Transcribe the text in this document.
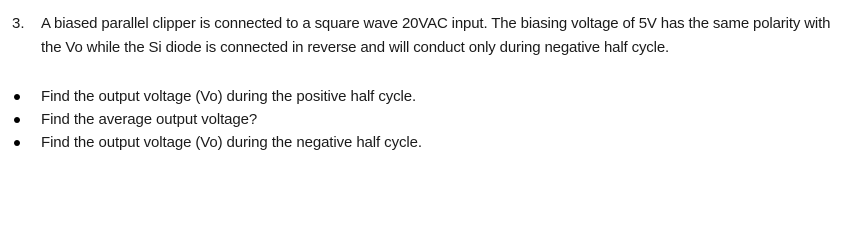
3.	A biased parallel clipper is connected to a square wave 20VAC input. The biasing voltage of 5V has the same polarity with the Vo while the Si diode is connected in reverse and will conduct only during negative half cycle.
Find the output voltage (Vo) during the positive half cycle.
Find the average output voltage?
Find the output voltage (Vo) during the negative half cycle.
